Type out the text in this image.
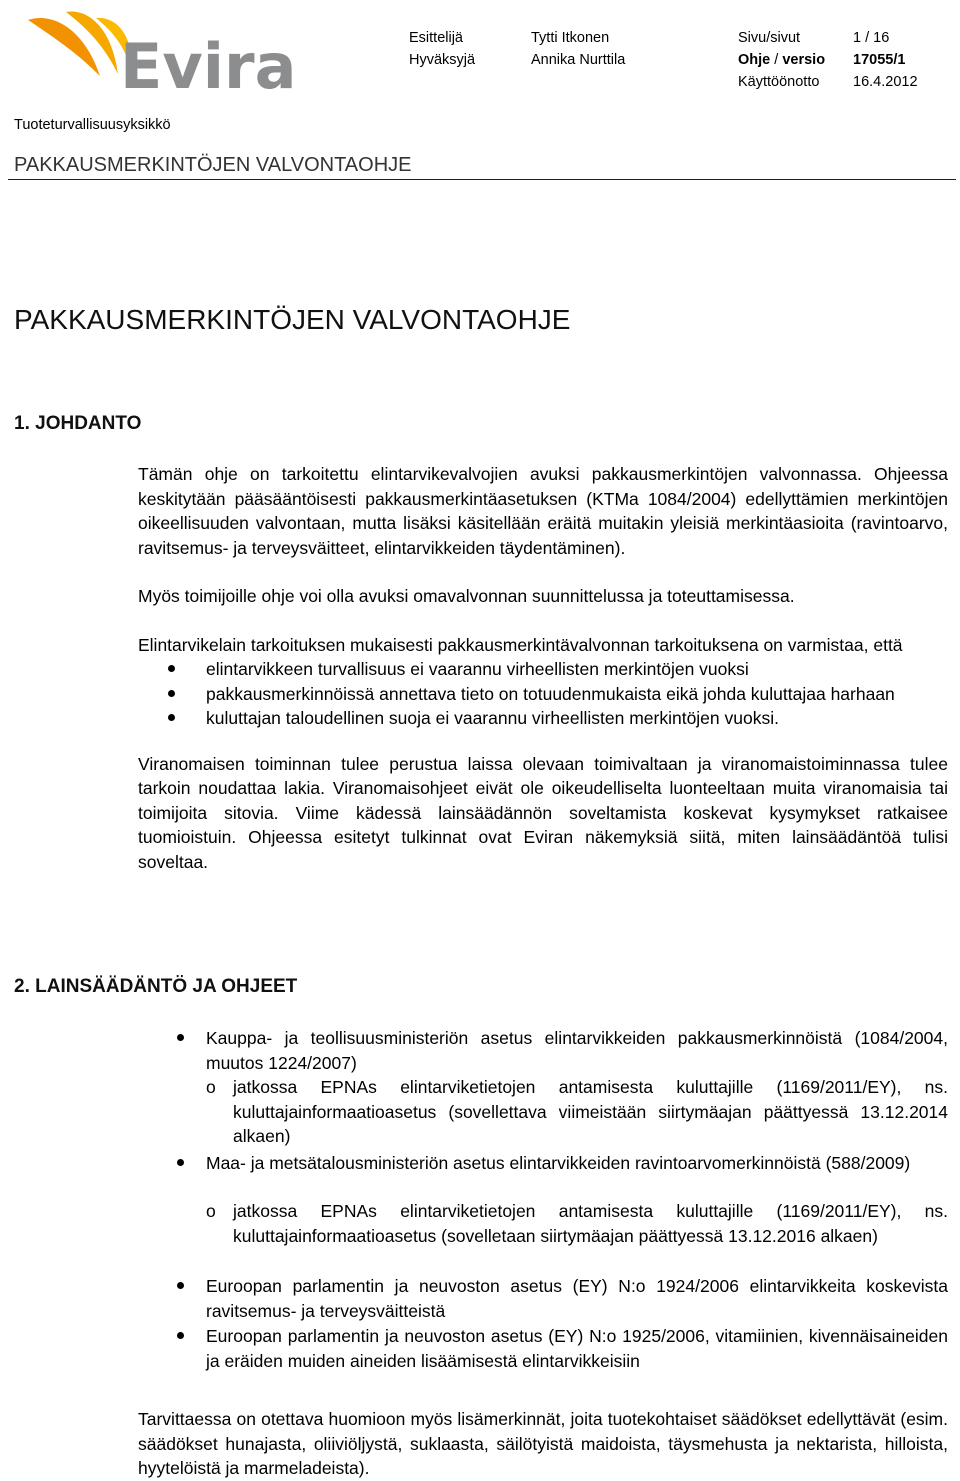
Evira	Esittelijä	Tytti Itkonen
Hyväksyjä	Annika Nurttila
Sivu/sivut	1 / 16
Ohje / versio 17055/1
Käyttöönotto 16.4.2012
Tuoteturvallisuusyksikkö
PAKKAUSMERKINTÖJEN VALVONTAOHJE
PAKKAUSMERKINTÖJEN VALVONTAOHJE
1. JOHDANTO

Tämän ohje on tarkoitettu elintarvikevalvojien avuksi pakkausmerkintöjen valvonnassa. Ohjeessa keskitytään pääsääntöisesti pakkausmerkintäasetuksen (KTMa 1084/2004) edellyttämien merkintöjen oikeellisuuden valvontaan, mutta lisäksi käsitellään eräitä muitakin yleisiä merkintäasioita (ravintoarvo, ravitsemus- ja terveysväitteet, elintarvikkeiden täydentäminen).

Myös toimijoille ohje voi olla avuksi omavalvonnan suunnittelussa ja toteuttamisessa.

Elintarvikelain tarkoituksen mukaisesti pakkausmerkintävalvonnan tarkoituksena on varmistaa, että

elintarvikkeen turvallisuus ei vaarannu virheellisten merkintöjen vuoksi
pakkausmerkinnöissä annettava tieto on totuudenmukaista eikä johda kuluttajaa harhaan
kuluttajan taloudellinen suoja ei vaarannu virheellisten merkintöjen vuoksi.

Viranomaisen toiminnan tulee perustua laissa olevaan toimivaltaan ja viranomaistoiminnassa tulee tarkoin noudattaa lakia. Viranomaisohjeet eivät ole oikeudelliselta luonteeltaan muita viranomaisia tai toimijoita sitovia. Viime kädessä lainsäädännön soveltamista koskevat kysymykset ratkaisee tuomioistuin. Ohjeessa esitetyt tulkinnat ovat Eviran näkemyksiä siitä, miten lainsäädäntöä tulisi soveltaa.

2. LAINSÄÄDÄNTÖ JA OHJEET
Kauppa- ja teollisuusministeriön asetus elintarvikkeiden pakkausmerkinnöistä (1084/2004, muutos 1224/2007)
o jatkossa EPNAs elintarviketietojen antamisesta kuluttajille (1169/2011/EY), ns. kuluttajainformaatioasetus (sovellettava viimeistään siirtymäajan päättyessä 13.12.2014 alkaen)
Maa- ja metsätalousministeriön asetus elintarvikkeiden ravintoarvomerkinnöistä (588/2009)
o jatkossa EPNAs elintarviketietojen antamisesta kuluttajille (1169/2011/EY), ns. kuluttajainformaatioasetus (sovelletaan siirtymäajan päättyessä 13.12.2016 alkaen)
Euroopan parlamentin ja neuvoston asetus (EY) N:o 1924/2006 elintarvikkeita koskevista ravitsemus- ja terveysväitteistä
Euroopan parlamentin ja neuvoston asetus (EY) N:o 1925/2006, vitamiinien, kivennäisaineiden ja eräiden muiden aineiden lisäämisestä elintarvikkeisiin
Tarvittaessa on otettava huomioon myös lisämerkinnät, joita tuotekohtaiset säädökset edellyttävät (esim. säädökset hunajasta, oliiviöljystä, suklaasta, säilötyistä maidoista, täysmehusta ja nektarista, hilloista, hyytelöistä ja marmeladeista).
